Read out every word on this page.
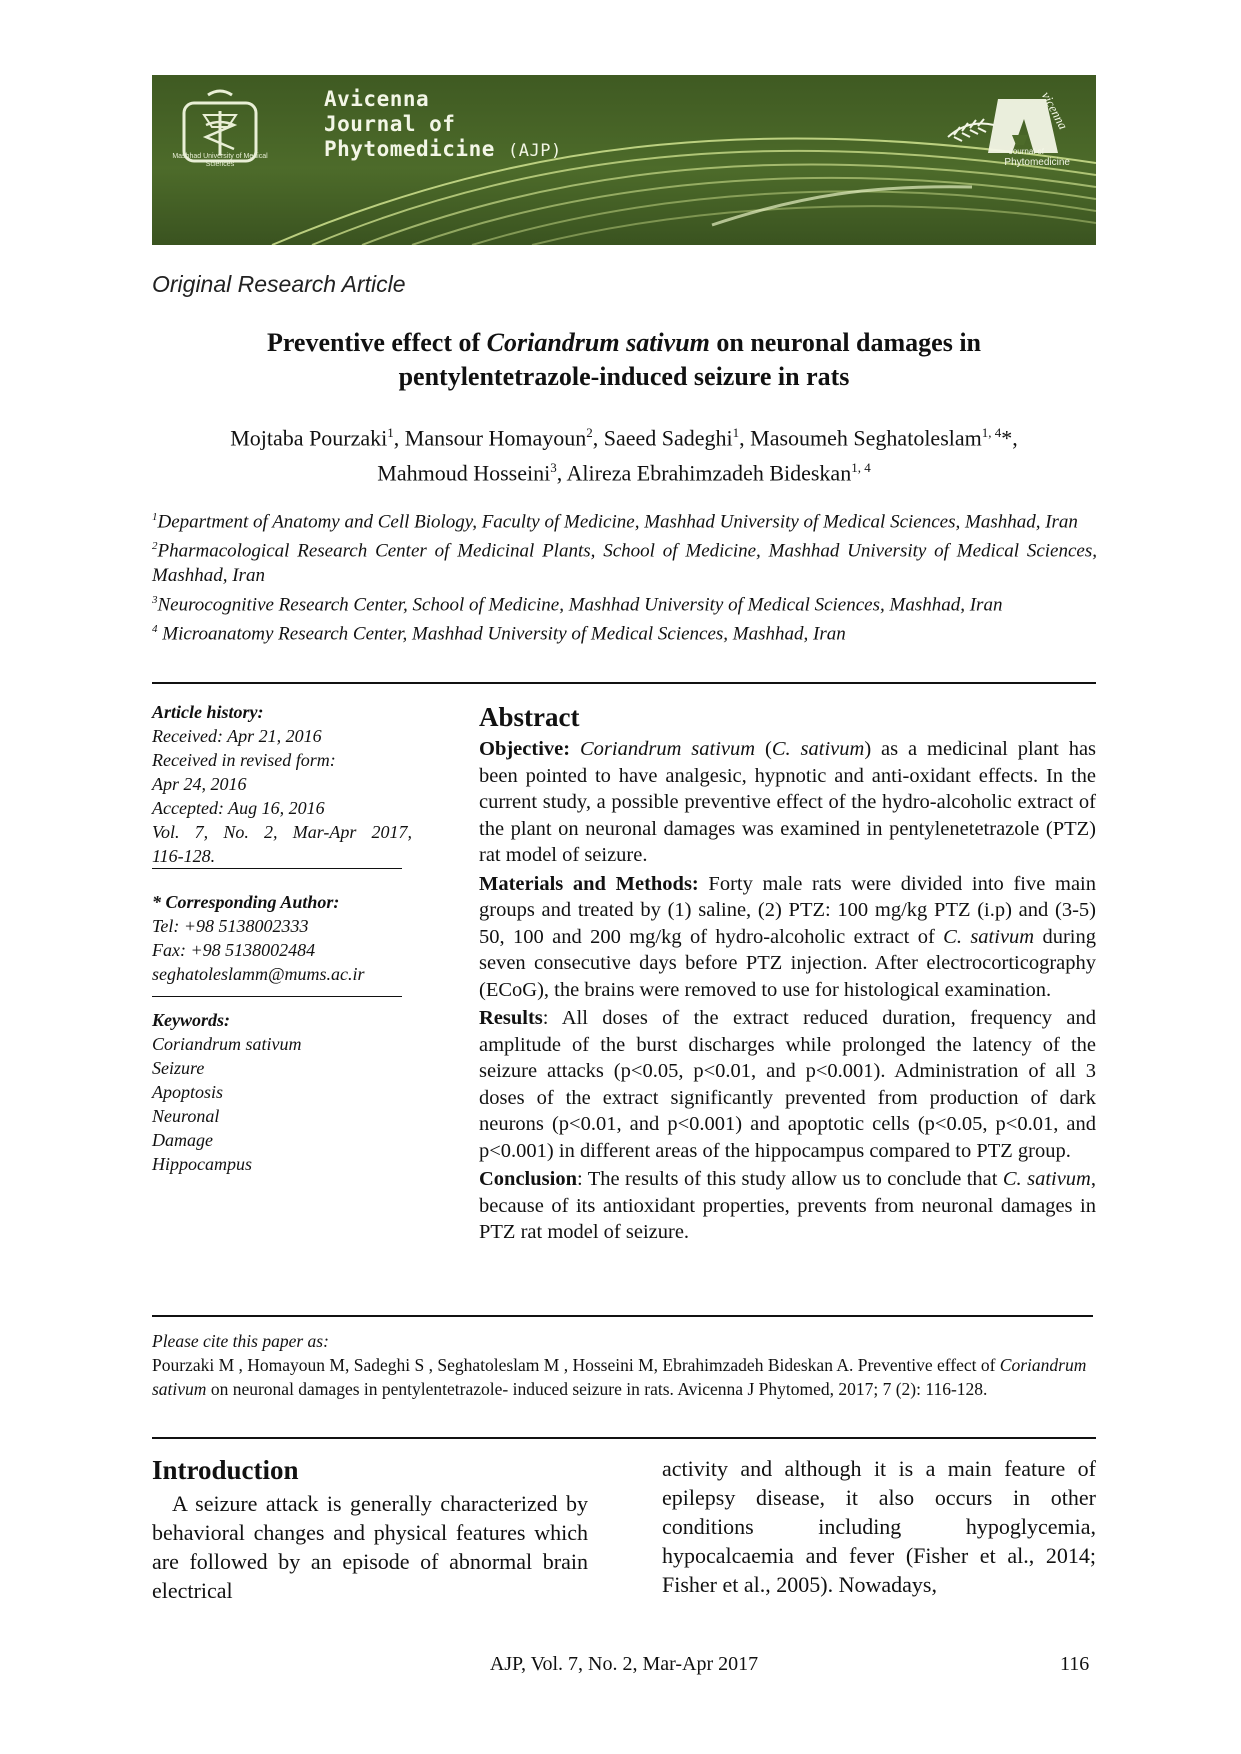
Mashhad University of Medical Sciences
Avicenna
Journal of
Phytomedicine (AJP)
vicenna
Journal of
Phytomedicine
Original Research Article
Preventive effect of Coriandrum sativum on neuronal damages in
pentylentetrazole-induced seizure in rats
Mojtaba Pourzaki$^1$, Mansour Homayoun$^2$, Saeed Sadeghi$^1$, Masoumeh Seghatoleslam$^{1, 4}$*,
Mahmoud Hosseini$^3$, Alireza Ebrahimzadeh Bideskan$^{1, 4}$

$^1$Department of Anatomy and Cell Biology, Faculty of Medicine, Mashhad University of Medical Sciences, Mashhad, Iran

$^2$Pharmacological Research Center of Medicinal Plants, School of Medicine, Mashhad University of Medical Sciences, Mashhad, Iran

$^3$Neurocognitive Research Center, School of Medicine, Mashhad University of Medical Sciences, Mashhad, Iran

$^4$ Microanatomy Research Center, Mashhad University of Medical Sciences, Mashhad, Iran

Article history:

Received: Apr 21, 2016

Received in revised form:

Apr 24, 2016

Accepted: Aug 16, 2016

Vol. 7, No. 2, Mar-Apr 2017,

116-128.

* Corresponding Author:

Tel: +98 5138002333

Fax: +98 5138002484

seghatoleslamm@mums.ac.ir

Keywords:

Coriandrum sativum

Seizure

Apoptosis

Neuronal

Damage

Hippocampus

Abstract

Objective: Coriandrum sativum (C. sativum) as a medicinal plant has been pointed to have analgesic, hypnotic and anti-oxidant effects. In the current study, a possible preventive effect of the hydro-alcoholic extract of the plant on neuronal damages was examined in pentylenetetrazole (PTZ) rat model of seizure.

Materials and Methods: Forty male rats were divided into five main groups and treated by (1) saline, (2) PTZ: 100 mg/kg PTZ (i.p) and (3-5) 50, 100 and 200 mg/kg of hydro-alcoholic extract of C. sativum during seven consecutive days before PTZ injection. After electrocorticography (ECoG), the brains were removed to use for histological examination.

Results: All doses of the extract reduced duration, frequency and amplitude of the burst discharges while prolonged the latency of the seizure attacks (p<0.05, p<0.01, and p<0.001). Administration of all 3 doses of the extract significantly prevented from production of dark neurons (p<0.01, and p<0.001) and apoptotic cells (p<0.05, p<0.01, and p<0.001) in different areas of the hippocampus compared to PTZ group.

Conclusion: The results of this study allow us to conclude that C. sativum, because of its antioxidant properties, prevents from neuronal damages in PTZ rat model of seizure.

Please cite this paper as:

Pourzaki M , Homayoun M, Sadeghi S , Seghatoleslam M , Hosseini M, Ebrahimzadeh Bideskan A. Preventive effect of Coriandrum sativum on neuronal damages in pentylentetrazole- induced seizure in rats. Avicenna J Phytomed, 2017; 7 (2): 116-128.

Introduction

A seizure attack is generally characterized by behavioral changes and physical features which are followed by an episode of abnormal brain electrical

activity and although it is a main feature of epilepsy disease, it also occurs in other conditions including hypoglycemia, hypocalcaemia and fever (Fisher et al., 2014; Fisher et al., 2005). Nowadays,

AJP, Vol. 7, No. 2, Mar-Apr 2017	116
